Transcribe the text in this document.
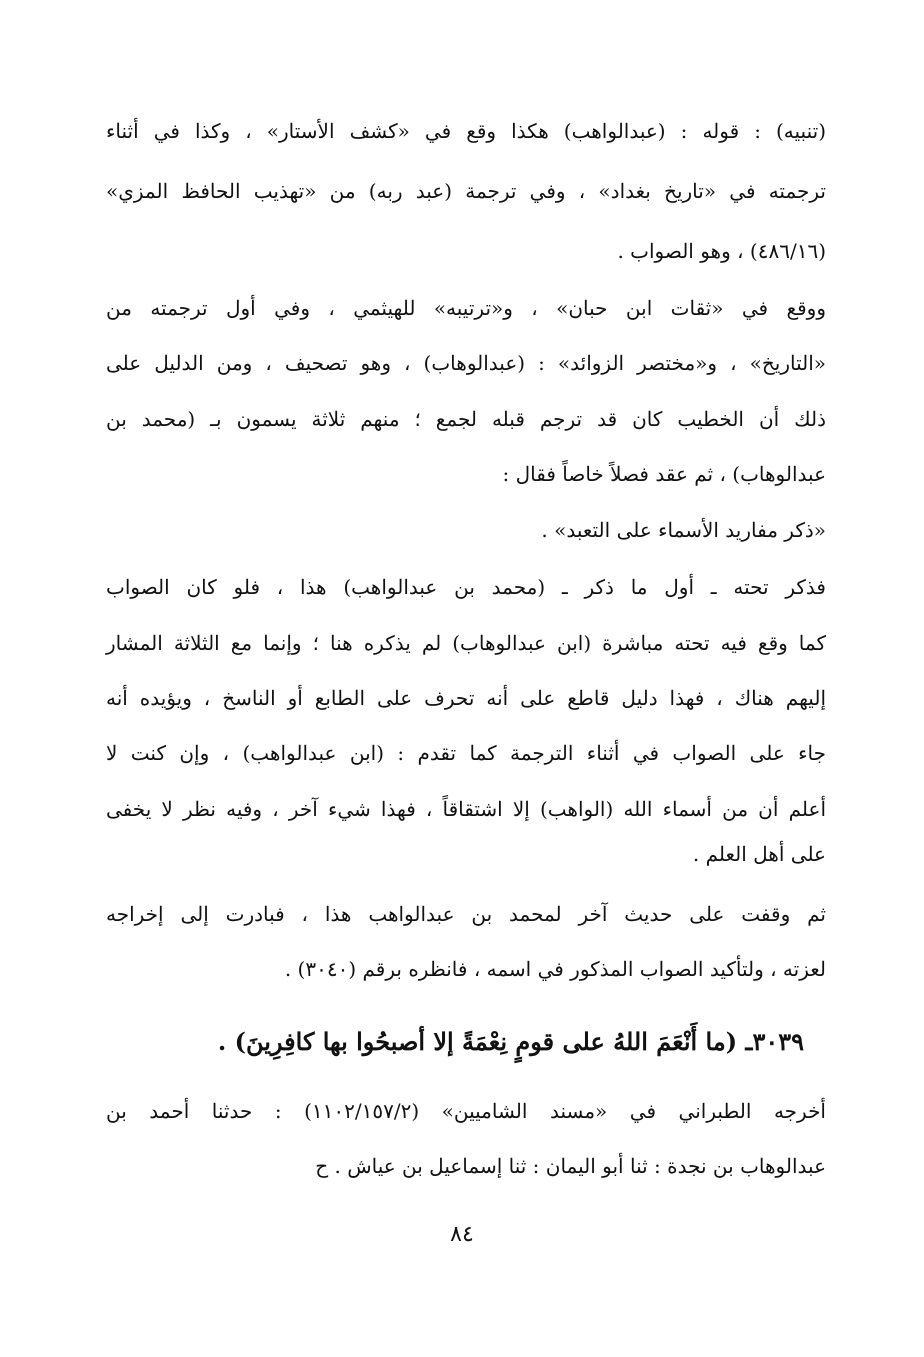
(تنبيه) : قوله : (عبدالواهب) هكذا وقع في «كشف الأستار» ، وكذا في أثناء
ترجمته في «تاريخ بغداد» ، وفي ترجمة (عبد ربه) من «تهذيب الحافظ المزي»
(٤٨٦/١٦) ، وهو الصواب .
ووقع في «ثقات ابن حبان» ، و«ترتيبه» للهيثمي ، وفي أول ترجمته من
«التاريخ» ، و«مختصر الزوائد» : (عبدالوهاب) ، وهو تصحيف ، ومن الدليل على
ذلك أن الخطيب كان قد ترجم قبله لجمع ؛ منهم ثلاثة يسمون بـ (محمد بن
عبدالوهاب) ، ثم عقد فصلاً خاصاً فقال :
«ذكر مفاريد الأسماء على التعبد» .
فذكر تحته ـ أول ما ذكر ـ (محمد بن عبدالواهب) هذا ، فلو كان الصواب
كما وقع فيه تحته مباشرة (ابن عبدالوهاب) لم يذكره هنا ؛ وإنما مع الثلاثة المشار
إليهم هناك ، فهذا دليل قاطع على أنه تحرف على الطابع أو الناسخ ، ويؤيده أنه
جاء على الصواب في أثناء الترجمة كما تقدم : (ابن عبدالواهب) ، وإن كنت لا
أعلم أن من أسماء الله (الواهب) إلا اشتقاقاً ، فهذا شيء آخر ، وفيه نظر لا يخفى
على أهل العلم .
ثم وقفت على حديث آخر لمحمد بن عبدالواهب هذا ، فبادرت إلى إخراجه
لعزته ، ولتأكيد الصواب المذكور في اسمه ، فانظره برقم (٣٠٤٠) .
٣٠٣٩ـ (ما أَنْعَمَ اللهُ على قومٍ نِعْمَةً إلا أصبحُوا بها كافِرِينَ) .
أخرجه الطبراني في «مسند الشاميين» (١١٠٢/١٥٧/٢) : حدثنا أحمد بن
عبدالوهاب بن نجدة : ثنا أبو اليمان : ثنا إسماعيل بن عياش . ح
٨٤
